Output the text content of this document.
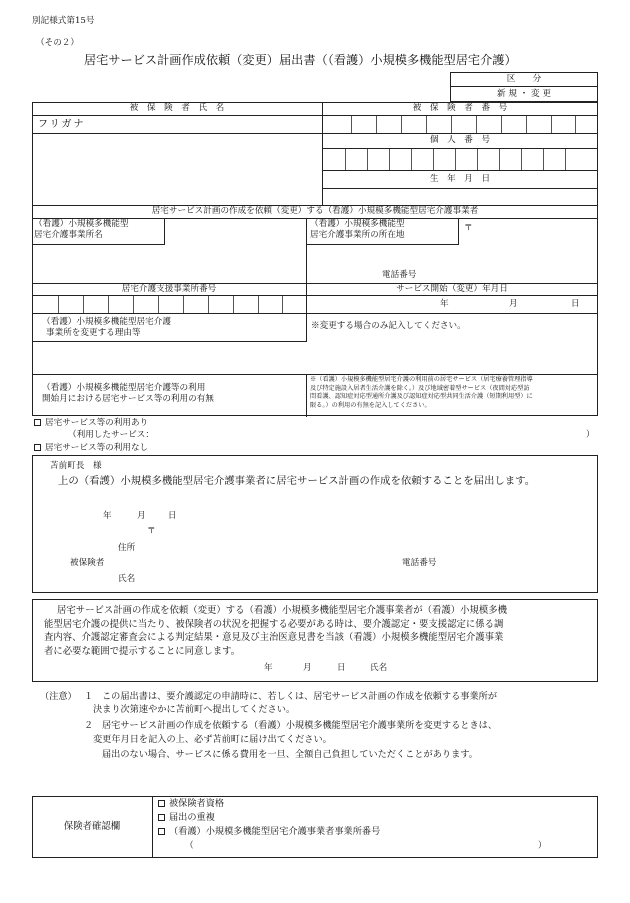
別記様式第15号
（その２）
居宅サービス計画作成依頼（変更）届出書（（看護）小規模多機能型居宅介護）
区　　分
新 規 ・ 変 更
被　保　険　者　氏　名	被　保　険　者　番　号
フリガナ
個　人　番　号
生　年　月　日
居宅サービス計画の作成を依頼（変更）する（看護）小規模多機能型居宅介護事業者
（看護）小規模多機能型
居宅介護事業所名
（看護）小規模多機能型
居宅介護事業所の所在地
〒
電話番号
居宅介護支援事業所番号	サービス開始（変更）年月日
年	月	日
（看護）小規模多機能型居宅介護
事業所を変更する理由等
※変更する場合のみ記入してください。
（看護）小規模多機能型居宅介護等の利用
開始月における居宅サービス等の利用の有無
※（看護）小規模多機能型居宅介護の利用前の居宅サービス（居宅療養管理指導
及び特定施設入居者生活介護を除く。）及び地域密着型サービス（夜間対応型訪
問看護、認知症対応型通所介護及び認知症対応型共同生活介護（短期利用型）に
限る。）の利用の有無を記入してください。
居宅サービス等の利用あり
（利用したサービス：	）
居宅サービス等の利用なし
苫前町長　様
上の（看護）小規模多機能型居宅介護事業者に居宅サービス計画の作成を依頼することを届出します。
年	月	日
〒
住所
被保険者	電話番号
氏名
居宅サービス計画の作成を依頼（変更）する（看護）小規模多機能型居宅介護事業者が（看護）小規模多機
能型居宅介護の提供に当たり、被保険者の状況を把握する必要がある時は、要介護認定・要支援認定に係る調
査内容、介護認定審査会による判定結果・意見及び主治医意見書を当該（看護）小規模多機能型居宅介護事業
者に必要な範囲で提示することに同意します。
年	月	日	氏名
（注意） １ この届出書は、要介護認定の申請時に、若しくは、居宅サービス計画の作成を依頼する事業所が
決まり次第速やかに苫前町へ提出してください。
２ 居宅サービス計画の作成を依頼する（看護）小規模多機能型居宅介護事業所を変更するときは、
変更年月日を記入の上、必ず苫前町に届け出てください。
届出のない場合、サービスに係る費用を一旦、全額自己負担していただくことがあります。
保険者確認欄
被保険者資格
届出の重複
（看護）小規模多機能型居宅介護事業者事業所番号
（	）
